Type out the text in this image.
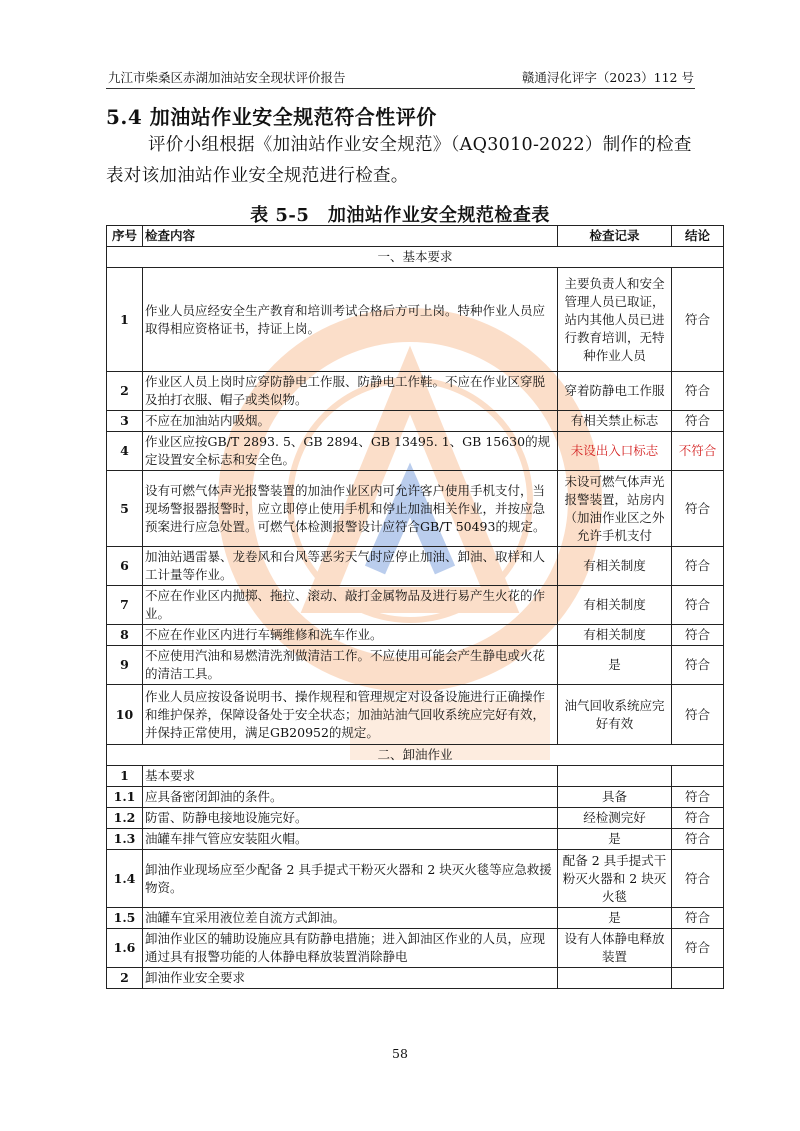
九江市柴桑区赤湖加油站安全现状评价报告	赣通浔化评字（2023）112 号
5.4 加油站作业安全规范符合性评价
评价小组根据《加油站作业安全规范》（AQ3010-2022）制作的检查表对该加油站作业安全规范进行检查。
表 5-5　加油站作业安全规范检查表
序号	检查内容	检查记录	结论
一、基本要求			
1	作业人员应经安全生产教育和培训考试合格后方可上岗。特种作业人员应取得相应资格证书，持证上岗。	主要负责人和安全管理人员已取证，站内其他人员已进行教育培训，无特种作业人员	符合
2	作业区人员上岗时应穿防静电工作服、防静电工作鞋。不应在作业区穿脱及拍打衣服、帽子或类似物。	穿着防静电工作服	符合
3	不应在加油站内吸烟。	有相关禁止标志	符合
4	作业区应按GB/T 2893. 5、GB 2894、GB 13495. 1、GB 15630的规定设置安全标志和安全色。	未设出入口标志	不符合
5	设有可燃气体声光报警装置的加油作业区内可允许客户使用手机支付，当现场警报器报警时，应立即停止使用手机和停止加油相关作业，并按应急预案进行应急处置。可燃气体检测报警设计应符合GB/T 50493的规定。	未设可燃气体声光报警装置，站房内（加油作业区之外允许手机支付	符合
6	加油站遇雷暴、龙卷风和台风等恶劣天气时应停止加油、卸油、取样和人工计量等作业。	有相关制度	符合
7	不应在作业区内抛掷、拖拉、滚动、敲打金属物品及进行易产生火花的作业。	有相关制度	符合
8	不应在作业区内进行车辆维修和洗车作业。	有相关制度	符合
9	不应使用汽油和易燃清洗剂做清洁工作。不应使用可能会产生静电或火花的清洁工具。	是	符合
10	作业人员应按设备说明书、操作规程和管理规定对设备设施进行正确操作和维护保养，保障设备处于安全状态；加油站油气回收系统应完好有效，并保持正常使用，满足GB20952的规定。	油气回收系统应完好有效	符合
二、卸油作业			
1	基本要求		
1.1	应具备密闭卸油的条件。	具备	符合
1.2	防雷、防静电接地设施完好。	经检测完好	符合
1.3	油罐车排气管应安装阻火帽。	是	符合
1.4	卸油作业现场应至少配备 2 具手提式干粉灭火器和 2 块灭火毯等应急救援物资。	配备 2 具手提式干粉灭火器和 2 块灭火毯	符合
1.5	油罐车宜采用液位差自流方式卸油。	是	符合
1.6	卸油作业区的辅助设施应具有防静电措施；进入卸油区作业的人员，应现通过具有报警功能的人体静电释放装置消除静电	设有人体静电释放装置	符合
2	卸油作业安全要求		
58
